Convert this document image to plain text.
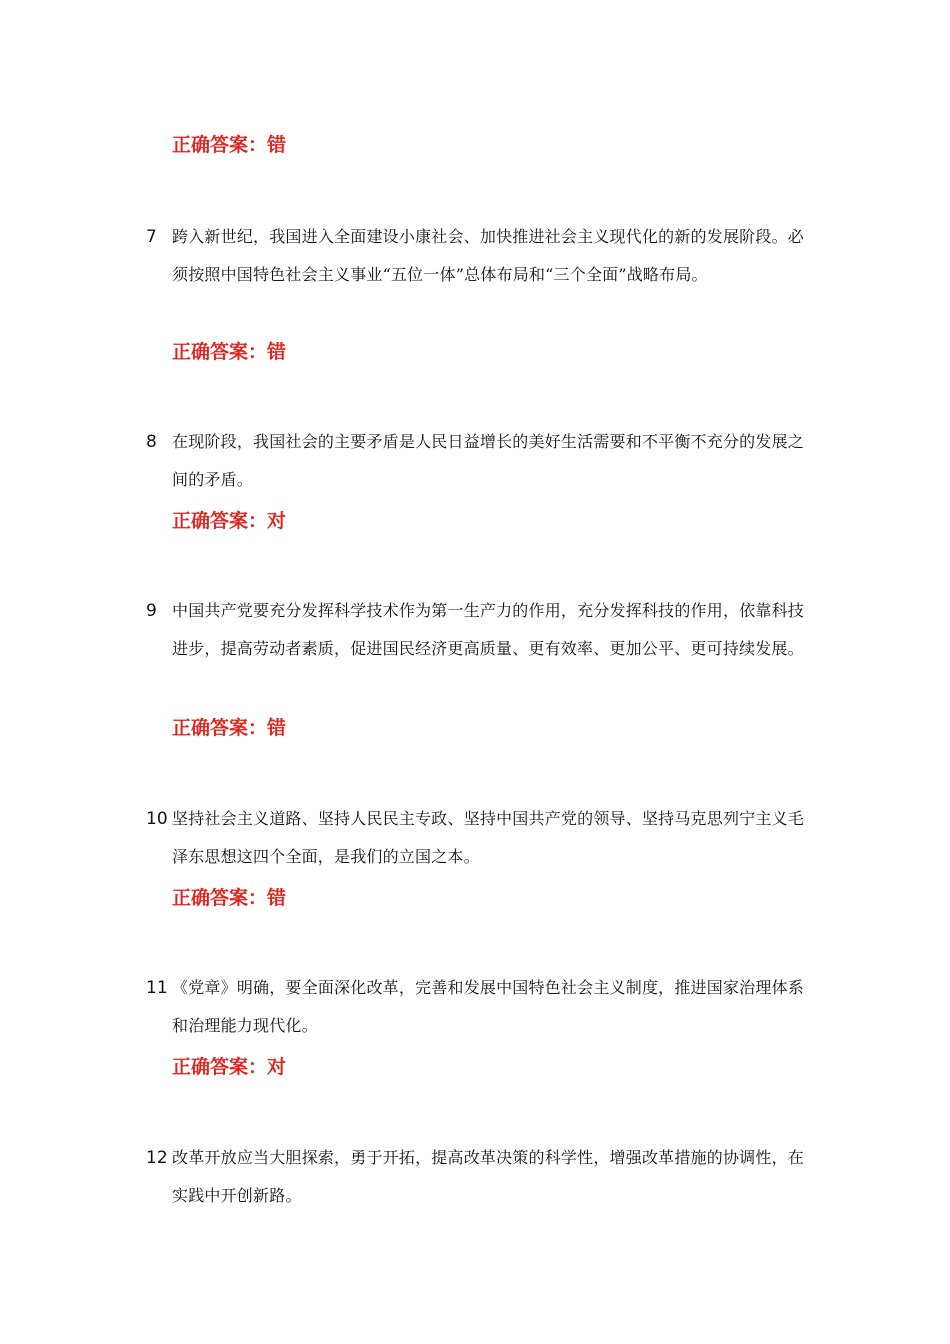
正确答案：错
7 跨入新世纪，我国进入全面建设小康社会、加快推进社会主义现代化的新的发展阶段。必须按照中国特色社会主义事业“五位一体”总体布局和“三个全面”战略布局。
正确答案：错
8 在现阶段，我国社会的主要矛盾是人民日益增长的美好生活需要和不平衡不充分的发展之间的矛盾。
正确答案：对
9 中国共产党要充分发挥科学技术作为第一生产力的作用，充分发挥科技的作用，依靠科技进步，提高劳动者素质，促进国民经济更高质量、更有效率、更加公平、更可持续发展。
正确答案：错
10 坚持社会主义道路、坚持人民民主专政、坚持中国共产党的领导、坚持马克思列宁主义毛泽东思想这四个全面，是我们的立国之本。
正确答案：错
11 《党章》明确，要全面深化改革，完善和发展中国特色社会主义制度，推进国家治理体系和治理能力现代化。
正确答案：对
12 改革开放应当大胆探索，勇于开拓，提高改革决策的科学性，增强改革措施的协调性，在实践中开创新路。
